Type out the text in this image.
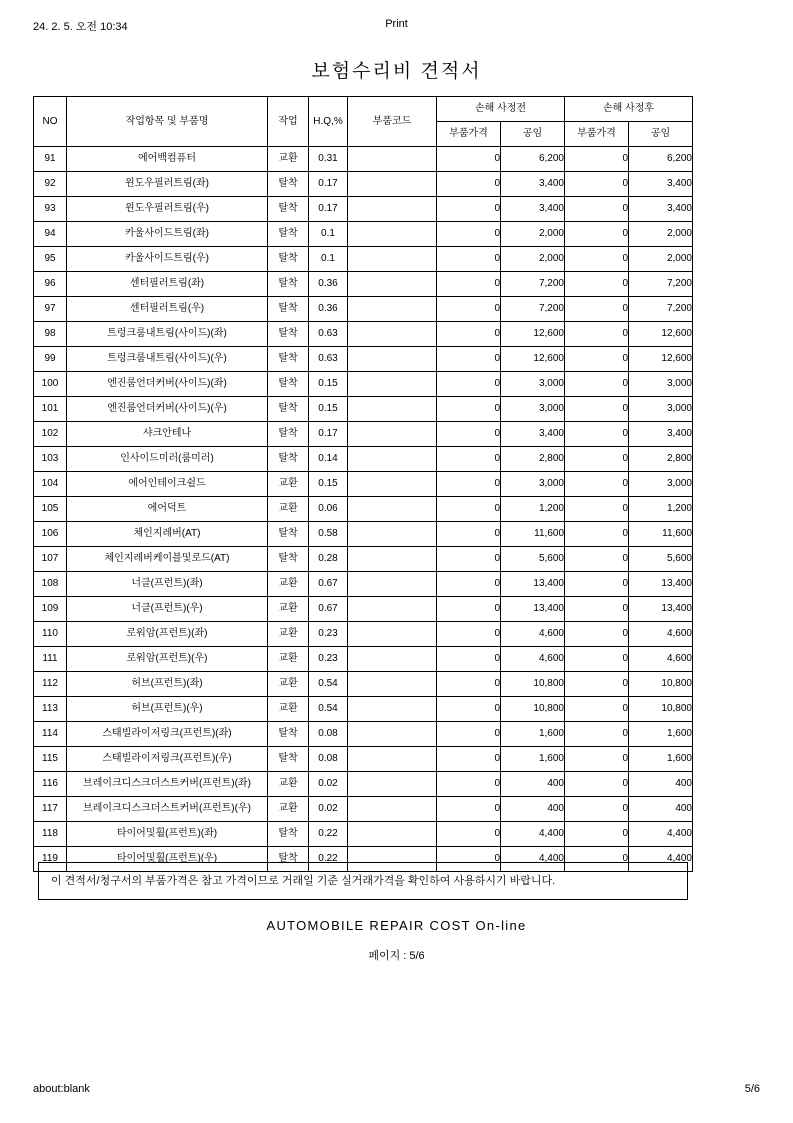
24. 2. 5. 오전 10:34	Print
보험수리비 견적서
NO	작업항목 및 부품명	작업	H.Q,%	부품코드	손해 사정전		손해 사정후	
					부품가격	공임	부품가격	공임
91	에어백컴퓨터	교환	0.31		0	6,200	0	6,200
92	윈도우필러트림(좌)	탈착	0.17		0	3,400	0	3,400
93	윈도우필러트림(우)	탈착	0.17		0	3,400	0	3,400
94	카울사이드트림(좌)	탈착	0.1		0	2,000	0	2,000
95	카울사이드트림(우)	탈착	0.1		0	2,000	0	2,000
96	센터필러트림(좌)	탈착	0.36		0	7,200	0	7,200
97	센터필러트림(우)	탈착	0.36		0	7,200	0	7,200
98	트렁크룸내트림(사이드)(좌)	탈착	0.63		0	12,600	0	12,600
99	트렁크룸내트림(사이드)(우)	탈착	0.63		0	12,600	0	12,600
100	엔진룸언더커버(사이드)(좌)	탈착	0.15		0	3,000	0	3,000
101	엔진룸언더커버(사이드)(우)	탈착	0.15		0	3,000	0	3,000
102	샤크안테나	탈착	0.17		0	3,400	0	3,400
103	인사이드미러(룸미러)	탈착	0.14		0	2,800	0	2,800
104	에어인테이크쉴드	교환	0.15		0	3,000	0	3,000
105	에어덕트	교환	0.06		0	1,200	0	1,200
106	체인지레버(AT)	탈착	0.58		0	11,600	0	11,600
107	체인지레버케이블및로드(AT)	탈착	0.28		0	5,600	0	5,600
108	너클(프런트)(좌)	교환	0.67		0	13,400	0	13,400
109	너클(프런트)(우)	교환	0.67		0	13,400	0	13,400
110	로워암(프런트)(좌)	교환	0.23		0	4,600	0	4,600
111	로워암(프런트)(우)	교환	0.23		0	4,600	0	4,600
112	허브(프런트)(좌)	교환	0.54		0	10,800	0	10,800
113	허브(프런트)(우)	교환	0.54		0	10,800	0	10,800
114	스태빌라이저링크(프런트)(좌)	탈착	0.08		0	1,600	0	1,600
115	스태빌라이저링크(프런트)(우)	탈착	0.08		0	1,600	0	1,600
116	브레이크디스크더스트커버(프런트)(좌)	교환	0.02		0	400	0	400
117	브레이크디스크더스트커버(프런트)(우)	교환	0.02		0	400	0	400
118	타이어및휠(프런트)(좌)	탈착	0.22		0	4,400	0	4,400
119	타이어및휠(프런트)(우)	탈착	0.22		0	4,400	0	4,400
이 견적서/청구서의 부품가격은 참고 가격이므로 거래일 기준 실거래가격을 확인하여 사용하시기 바랍니다.
AUTOMOBILE REPAIR COST On-line
페이지 : 5/6
about:blank	5/6
